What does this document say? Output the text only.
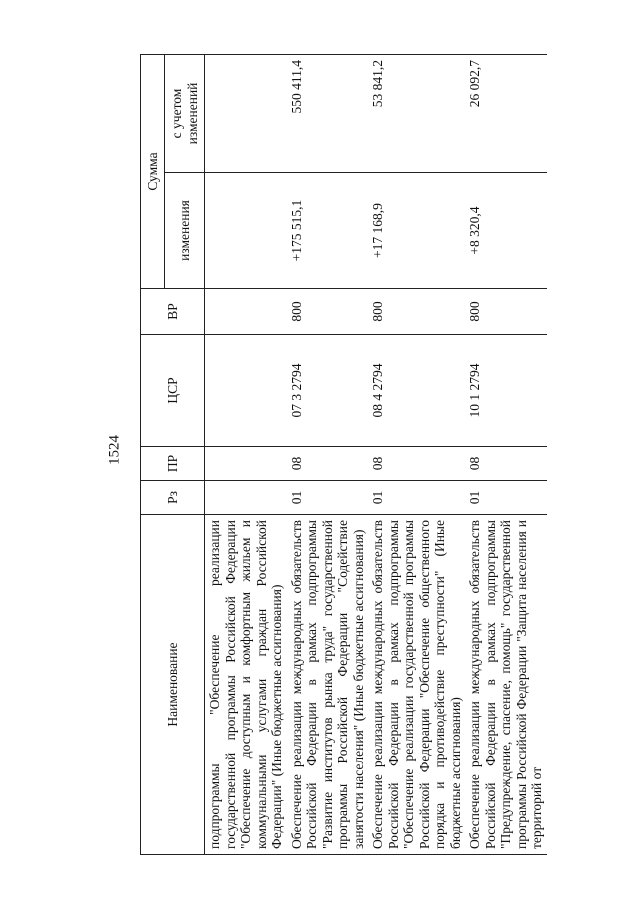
1524
Наименование	Рз	ПР	ЦСР	ВР	Сумма	
					изменения	с учетом изменений
подпрограммы "Обеспечение реализации государственной программы Российской Федерации "Обеспечение доступным и комфортным жильем и коммунальными услугами граждан Российской Федерации" (Иные бюджетные ассигнования)						
Обеспечение реализации международных обязательств Российской Федерации в рамках подпрограммы "Развитие институтов рынка труда" государственной программы Российской Федерации "Содействие занятости населения" (Иные бюджетные ассигнования)	01	08	07 3 2794	800	+175 515,1	550 411,4
Обеспечение реализации международных обязательств Российской Федерации в рамках подпрограммы "Обеспечение реализации государственной программы Российской Федерации "Обеспечение общественного порядка и противодействие преступности" (Иные бюджетные ассигнования)	01	08	08 4 2794	800	+17 168,9	53 841,2
Обеспечение реализации международных обязательств Российской Федерации в рамках подпрограммы "Предупреждение, спасение, помощь" государственной программы Российской Федерации "Защита населения и территорий от	01	08	10 1 2794	800	+8 320,4	26 092,7
